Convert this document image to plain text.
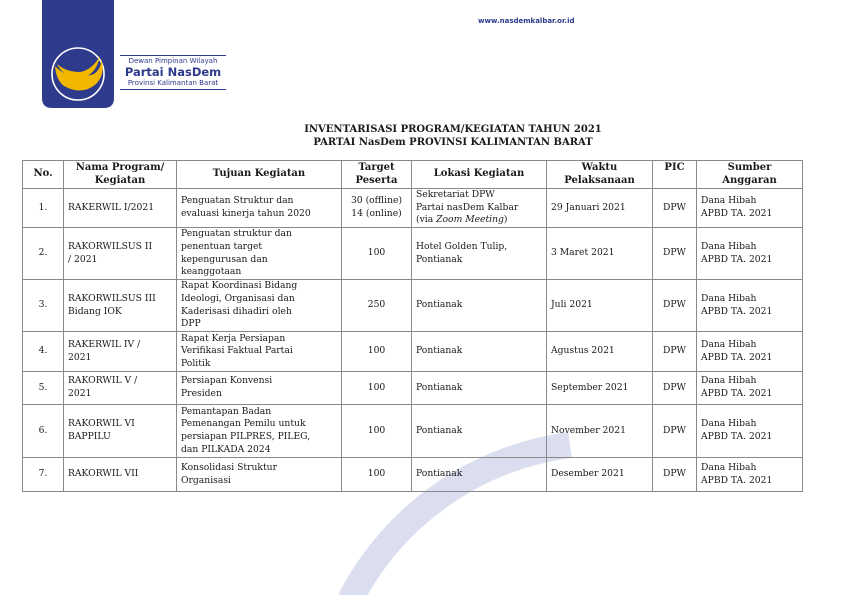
Dewan Pimpinan Wilayah
Partai NasDem
Provinsi Kalimantan Barat
www.nasdemkalbar.or.id
INVENTARISASI PROGRAM/KEGIATAN TAHUN 2021
PARTAI NasDem PROVINSI KALIMANTAN BARAT
No.	Nama Program/
Kegiatan	Tujuan Kegiatan	Target
Peserta	Lokasi Kegiatan	Waktu
Pelaksanaan	PIC	Sumber
Anggaran
1.	RAKERWIL I/2021	Penguatan Struktur dan
evaluasi kinerja tahun 2020	30 (offline)
14 (online)	Sekretariat DPW
Partai nasDem Kalbar
(via Zoom Meeting)	29 Januari 2021	DPW	Dana Hibah
APBD TA. 2021
2.	RAKORWILSUS II
/ 2021	Penguatan struktur dan
penentuan target
kepengurusan dan
keanggotaan	100	Hotel Golden Tulip,
Pontianak	3 Maret 2021	DPW	Dana Hibah
APBD TA. 2021
3.	RAKORWILSUS III
Bidang IOK	Rapat Koordinasi Bidang
Ideologi, Organisasi dan
Kaderisasi dihadiri oleh
DPP	250	Pontianak	Juli 2021	DPW	Dana Hibah
APBD TA. 2021
4.	RAKERWIL IV /
2021	Rapat Kerja Persiapan
Verifikasi Faktual Partai
Politik	100	Pontianak	Agustus 2021	DPW	Dana Hibah
APBD TA. 2021
5.	RAKORWIL V /
2021	Persiapan Konvensi
Presiden	100	Pontianak	September 2021	DPW	Dana Hibah
APBD TA. 2021
6.	RAKORWIL VI
BAPPILU	Pemantapan Badan
Pemenangan Pemilu untuk
persiapan PILPRES, PILEG,
dan PILKADA 2024	100	Pontianak	November 2021	DPW	Dana Hibah
APBD TA. 2021
7.	RAKORWIL VII	Konsolidasi Struktur
Organisasi	100	Pontianak	Desember 2021	DPW	Dana Hibah
APBD TA. 2021
